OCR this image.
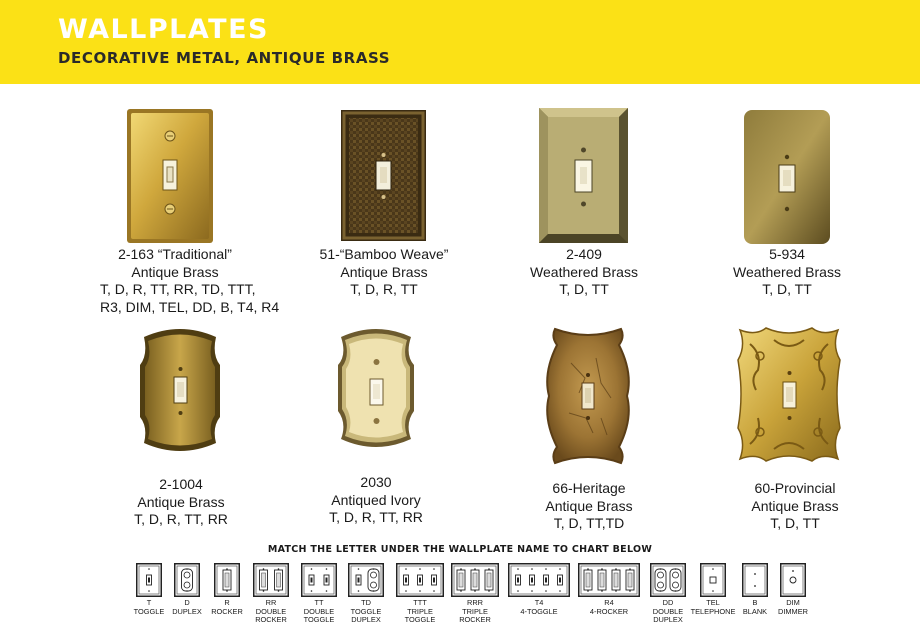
WALLPLATES
DECORATIVE METAL, ANTIQUE BRASS
2-163 “Traditional”
Antique Brass
T, D, R, TT, RR, TD, TTT,
R3, DIM, TEL, DD, B, T4, R4
51-“Bamboo Weave”
Antique Brass
T, D, R, TT
2-409
Weathered Brass
T, D, TT
5-934
Weathered Brass
T, D, TT
2-1004
Antique Brass
T, D, R, TT, RR
2030
Antiqued Ivory
T, D, R, TT, RR
66-Heritage
Antique Brass
T, D, TT,TD
60-Provincial
Antique Brass
T, D, TT
MATCH THE LETTER UNDER THE WALLPLATE NAME TO CHART BELOW
T
TOGGLE
D
DUPLEX
R
ROCKER
RR
DOUBLE
ROCKER
TT
DOUBLE
TOGGLE
TD
TOGGLE
DUPLEX
TTT
TRIPLE
TOGGLE
RRR
TRIPLE
ROCKER
T4
4-TOGGLE
R4
4-ROCKER
DD
DOUBLE
DUPLEX
TEL
TELEPHONE
B
BLANK
DIM
DIMMER
